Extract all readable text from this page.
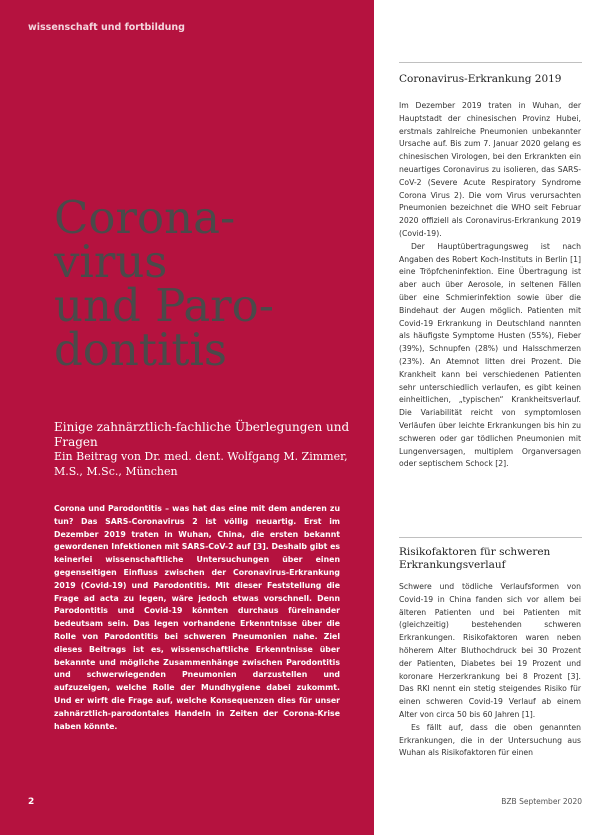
wissenschaft und fortbildung
Corona-
virus
und Paro-
dontitis
Einige zahnärztlich-fachliche Überlegungen und Fragen
Ein Beitrag von Dr. med. dent. Wolfgang M. Zimmer, M.S., M.Sc., München

Corona und Parodontitis – was hat das eine mit dem anderen zu tun? Das SARS-Coronavirus 2 ist völlig neuartig. Erst im Dezember 2019 traten in Wuhan, China, die ersten bekannt gewordenen Infektionen mit SARS-CoV-2 auf [3]. Deshalb gibt es keinerlei wissenschaftliche Untersuchungen über einen gegenseitigen Einfluss zwischen der Coronavirus-Erkrankung 2019 (Covid-19) und Parodontitis. Mit dieser Feststellung die Frage ad acta zu legen, wäre jedoch etwas vorschnell. Denn Parodontitis und Covid-19 könnten durchaus füreinander bedeutsam sein. Das legen vorhandene Erkenntnisse über die Rolle von Parodontitis bei schweren Pneumonien nahe. Ziel dieses Beitrags ist es, wissenschaftliche Erkenntnisse über bekannte und mögliche Zusammenhänge zwischen Parodontitis und schwerwiegenden Pneumonien darzustellen und aufzuzeigen, welche Rolle der Mundhygiene dabei zukommt. Und er wirft die Frage auf, welche Konsequenzen dies für unser zahnärztlich-parodontales Handeln in Zeiten der Corona-Krise haben könnte.

2
Coronavirus-Erkrankung 2019

Im Dezember 2019 traten in Wuhan, der Hauptstadt der chinesischen Provinz Hubei, erstmals zahlreiche Pneumonien unbekannter Ursache auf. Bis zum 7. Januar 2020 gelang es chinesischen Virologen, bei den Erkrankten ein neuartiges Coronavirus zu isolieren, das SARS-CoV-2 (Severe Acute Respiratory Syndrome Corona Virus 2). Die vom Virus verursachten Pneumonien bezeichnet die WHO seit Februar 2020 offiziell als Coronavirus-Erkrankung 2019 (Covid-19).

Der Hauptübertragungsweg ist nach Angaben des Robert Koch-Instituts in Berlin [1] eine Tröpfcheninfektion. Eine Übertragung ist aber auch über Aerosole, in seltenen Fällen über eine Schmierinfektion sowie über die Bindehaut der Augen möglich. Patienten mit Covid-19 Erkrankung in Deutschland nannten als häufigste Symptome Husten (55%), Fieber (39%), Schnupfen (28%) und Halsschmerzen (23%). An Atemnot litten drei Prozent. Die Krankheit kann bei verschiedenen Patienten sehr unterschiedlich verlaufen, es gibt keinen einheitlichen, „typischen“ Krankheitsverlauf. Die Variabilität reicht von symptomlosen Verläufen über leichte Erkrankungen bis hin zu schweren oder gar tödlichen Pneumonien mit Lungenversagen, multiplem Organversagen oder septischem Schock [2].

Risikofaktoren für schweren Erkrankungsverlauf

Schwere und tödliche Verlaufsformen von Covid-19 in China fanden sich vor allem bei älteren Patienten und bei Patienten mit (gleichzeitig) bestehenden schweren Erkrankungen. Risikofaktoren waren neben höherem Alter Bluthochdruck bei 30 Prozent der Patienten, Diabetes bei 19 Prozent und koronare Herzerkrankung bei 8 Prozent [3]. Das RKI nennt ein stetig steigendes Risiko für einen schweren Covid-19 Verlauf ab einem Alter von circa 50 bis 60 Jahren [1].

Es fällt auf, dass die oben genannten Erkrankungen, die in der Untersuchung aus Wuhan als Risikofaktoren für einen

BZB September 2020
